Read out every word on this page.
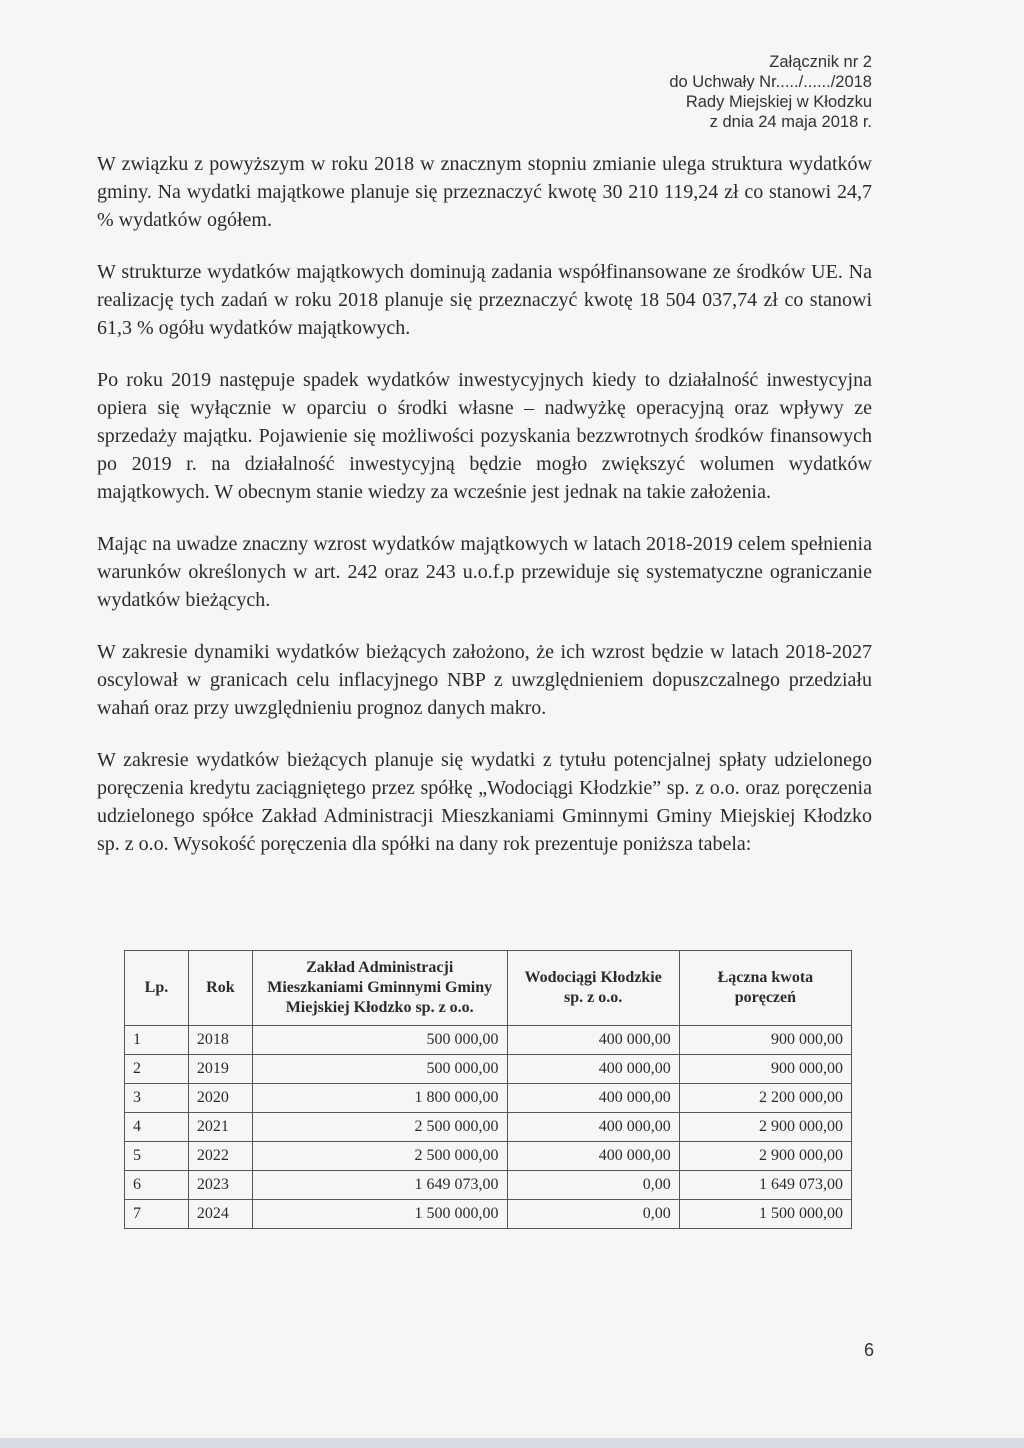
Załącznik nr 2
do Uchwały Nr...../....../2018
Rady Miejskiej w Kłodzku
z dnia 24 maja 2018 r.

W związku z powyższym w roku 2018 w znacznym stopniu zmianie ulega struktura wydatków gminy. Na wydatki majątkowe planuje się przeznaczyć kwotę 30 210 119,24 zł co stanowi 24,7 % wydatków ogółem.

W strukturze wydatków majątkowych dominują zadania współfinansowane ze środków UE. Na realizację tych zadań w roku 2018 planuje się przeznaczyć kwotę 18 504 037,74 zł co stanowi 61,3 % ogółu wydatków majątkowych.

Po roku 2019 następuje spadek wydatków inwestycyjnych kiedy to działalność inwestycyjna opiera się wyłącznie w oparciu o środki własne – nadwyżkę operacyjną oraz wpływy ze sprzedaży majątku. Pojawienie się możliwości pozyskania bezzwrotnych środków finansowych po 2019 r. na działalność inwestycyjną będzie mogło zwiększyć wolumen wydatków majątkowych. W obecnym stanie wiedzy za wcześnie jest jednak na takie założenia.

Mając na uwadze znaczny wzrost wydatków majątkowych w latach 2018-2019 celem spełnienia warunków określonych w art. 242 oraz 243 u.o.f.p przewiduje się systematyczne ograniczanie wydatków bieżących.

W zakresie dynamiki wydatków bieżących założono, że ich wzrost będzie w latach 2018-2027 oscylował w granicach celu inflacyjnego NBP z uwzględnieniem dopuszczalnego przedziału wahań oraz przy uwzględnieniu prognoz danych makro.

W zakresie wydatków bieżących planuje się wydatki z tytułu potencjalnej spłaty udzielonego poręczenia kredytu zaciągniętego przez spółkę „Wodociągi Kłodzkie” sp. z o.o. oraz poręczenia udzielonego spółce Zakład Administracji Mieszkaniami Gminnymi Gminy Miejskiej Kłodzko sp. z o.o. Wysokość poręczenia dla spółki na dany rok prezentuje poniższa tabela:

Lp.	Rok	Zakład Administracji Mieszkaniami Gminnymi Gminy Miejskiej Kłodzko sp. z o.o.	Wodociągi Kłodzkie sp. z o.o.	Łączna kwota poręczeń
1	2018	500 000,00	400 000,00	900 000,00
2	2019	500 000,00	400 000,00	900 000,00
3	2020	1 800 000,00	400 000,00	2 200 000,00
4	2021	2 500 000,00	400 000,00	2 900 000,00
5	2022	2 500 000,00	400 000,00	2 900 000,00
6	2023	1 649 073,00	0,00	1 649 073,00
7	2024	1 500 000,00	0,00	1 500 000,00
6
